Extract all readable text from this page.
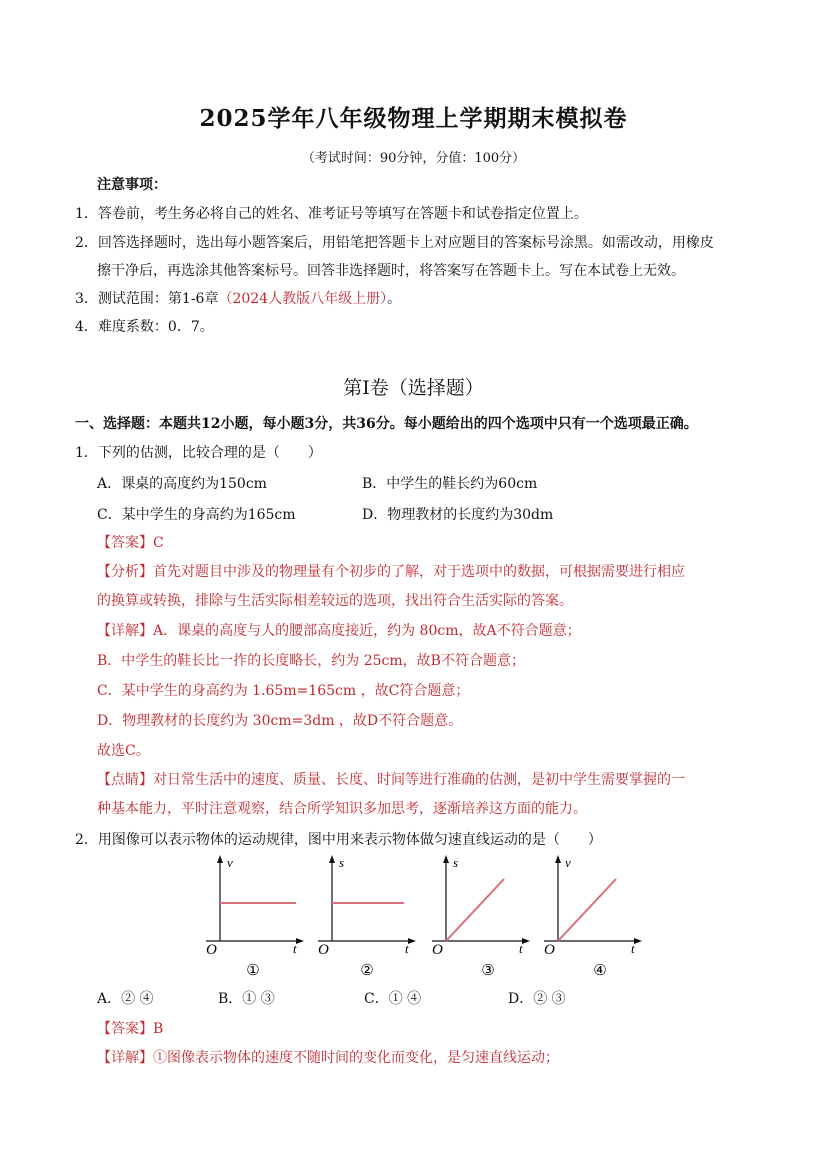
2025学年八年级物理上学期期末模拟卷
（考试时间：90分钟，分值：100分）
注意事项：
1．答卷前，考生务必将自己的姓名、准考证号等填写在答题卡和试卷指定位置上。
2．回答选择题时，选出每小题答案后，用铅笔把答题卡上对应题目的答案标号涂黑。如需改动，用橡皮
擦干净后，再选涂其他答案标号。回答非选择题时，将答案写在答题卡上。写在本试卷上无效。
3．测试范围：第1-6章（2024人教版八年级上册）。
4．难度系数：0．7。
第Ⅰ卷（选择题）
一、选择题：本题共12小题，每小题3分，共36分。每小题给出的四个选项中只有一个选项最正确。
1．下列的估测，比较合理的是（　　）
A．课桌的高度约为150cm	B．中学生的鞋长约为60cm
C．某中学生的身高约为165cm	D．物理教材的长度约为30dm
【答案】C
【分析】首先对题目中涉及的物理量有个初步的了解，对于选项中的数据，可根据需要进行相应
的换算或转换，排除与生活实际相差较远的选项，找出符合生活实际的答案。
【详解】A．课桌的高度与人的腰部高度接近，约为 80cm，故A不符合题意；
B．中学生的鞋长比一拃的长度略长，约为 25cm，故B不符合题意；
C．某中学生的身高约为 1.65m=165cm ，故C符合题意；
D．物理教材的长度约为 30cm=3dm ，故D不符合题意。
故选C。
【点睛】对日常生活中的速度、质量、长度、时间等进行准确的估测，是初中学生需要掌握的一
种基本能力，平时注意观察，结合所学知识多加思考，逐渐培养这方面的能力。
2．用图像可以表示物体的运动规律，图中用来表示物体做匀速直线运动的是（　　）
v
t
O
①
s
t
O
②
s
t
O
③
v
t
O
④
A．② ④	B．① ③	C．① ④	D．② ③
【答案】B
【详解】①图像表示物体的速度不随时间的变化而变化，是匀速直线运动；
